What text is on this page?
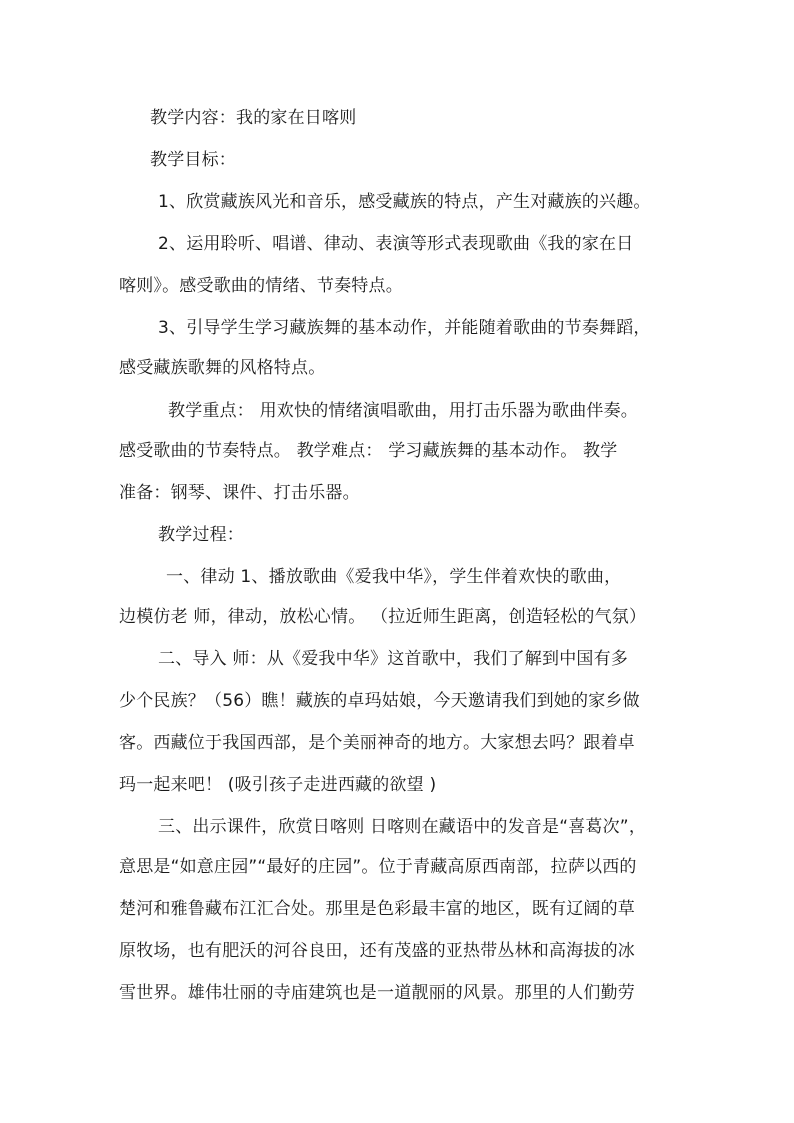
教学内容：我的家在日喀则
教学目标：
1、欣赏藏族风光和音乐，感受藏族的特点，产生对藏族的兴趣。
2、运用聆听、唱谱、律动、表演等形式表现歌曲《我的家在日
喀则》。感受歌曲的情绪、节奏特点。
3、引导学生学习藏族舞的基本动作，并能随着歌曲的节奏舞蹈，
感受藏族歌舞的风格特点。
教学重点： 用欢快的情绪演唱歌曲，用打击乐器为歌曲伴奏。
感受歌曲的节奏特点。 教学难点： 学习藏族舞的基本动作。 教学
准备：钢琴、课件、打击乐器。
教学过程：
一、律动 1、播放歌曲《爱我中华》，学生伴着欢快的歌曲，
边模仿老 师，律动，放松心情。 （拉近师生距离，创造轻松的气氛）
二、导入 师：从《爱我中华》这首歌中，我们了解到中国有多
少个民族？（56）瞧！藏族的卓玛姑娘，今天邀请我们到她的家乡做
客。西藏位于我国西部，是个美丽神奇的地方。大家想去吗？跟着卓
玛一起来吧！ (吸引孩子走进西藏的欲望 )
三、出示课件，欣赏日喀则 日喀则在藏语中的发音是“喜葛次”，
意思是“如意庄园”“最好的庄园”。位于青藏高原西南部，拉萨以西的
楚河和雅鲁藏布江汇合处。那里是色彩最丰富的地区，既有辽阔的草
原牧场，也有肥沃的河谷良田，还有茂盛的亚热带丛林和高海拔的冰
雪世界。雄伟壮丽的寺庙建筑也是一道靓丽的风景。那里的人们勤劳
